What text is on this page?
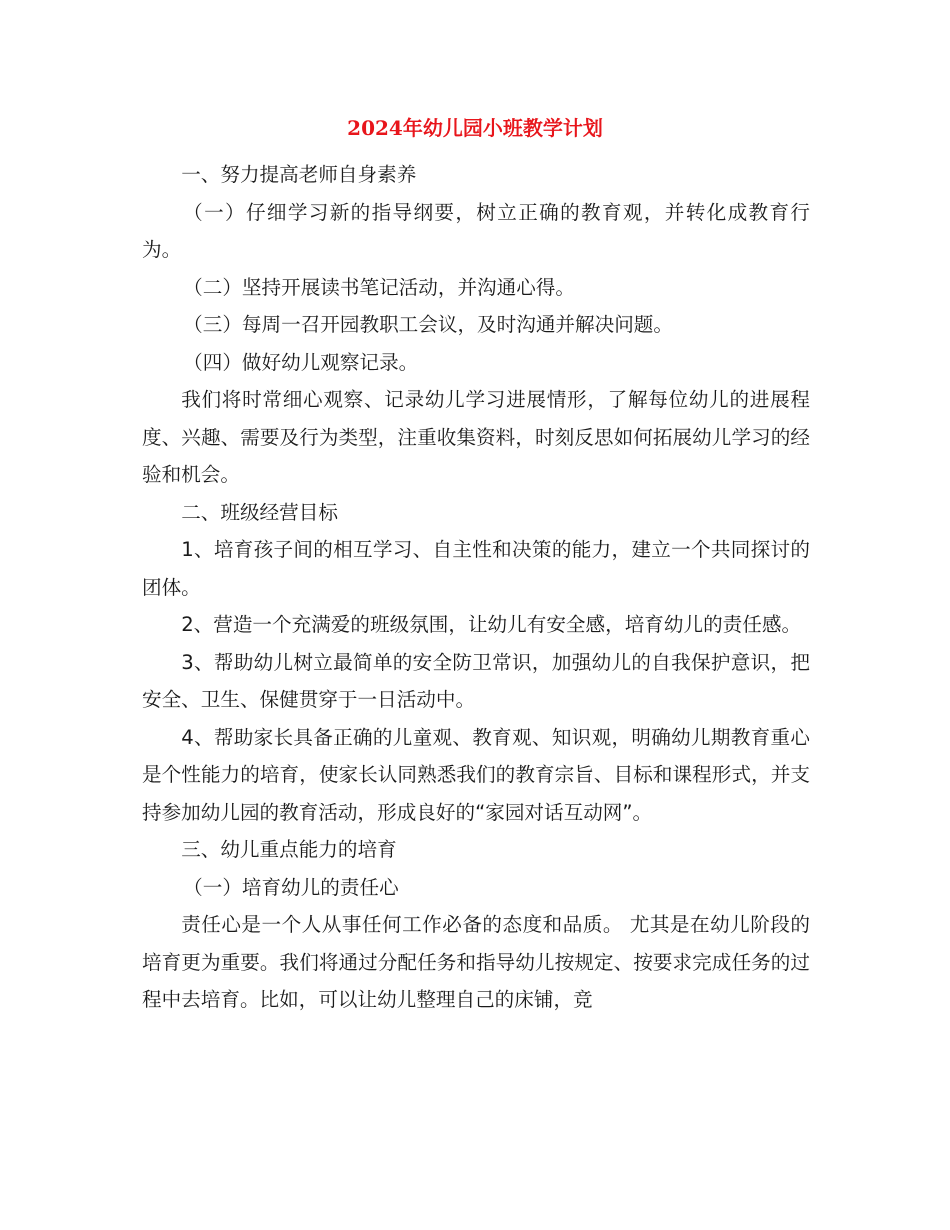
2024年幼儿园小班教学计划

一、努力提高老师自身素养

（一）仔细学习新的指导纲要，树立正确的教育观，并转化成教育行为。

（二）坚持开展读书笔记活动，并沟通心得。

（三）每周一召开园教职工会议，及时沟通并解决问题。

（四）做好幼儿观察记录。

我们将时常细心观察、记录幼儿学习进展情形，了解每位幼儿的进展程度、兴趣、需要及行为类型，注重收集资料，时刻反思如何拓展幼儿学习的经验和机会。

二、班级经营目标

1、培育孩子间的相互学习、自主性和决策的能力，建立一个共同探讨的团体。

2、营造一个充满爱的班级氛围，让幼儿有安全感，培育幼儿的责任感。

3、帮助幼儿树立最简单的安全防卫常识，加强幼儿的自我保护意识，把安全、卫生、保健贯穿于一日活动中。

4、帮助家长具备正确的儿童观、教育观、知识观，明确幼儿期教育重心是个性能力的培育，使家长认同熟悉我们的教育宗旨、目标和课程形式，并支持参加幼儿园的教育活动，形成良好的“家园对话互动网”。

三、幼儿重点能力的培育

（一）培育幼儿的责任心

责任心是一个人从事任何工作必备的态度和品质。 尤其是在幼儿阶段的培育更为重要。我们将通过分配任务和指导幼儿按规定、按要求完成任务的过程中去培育。比如，可以让幼儿整理自己的床铺，竞
